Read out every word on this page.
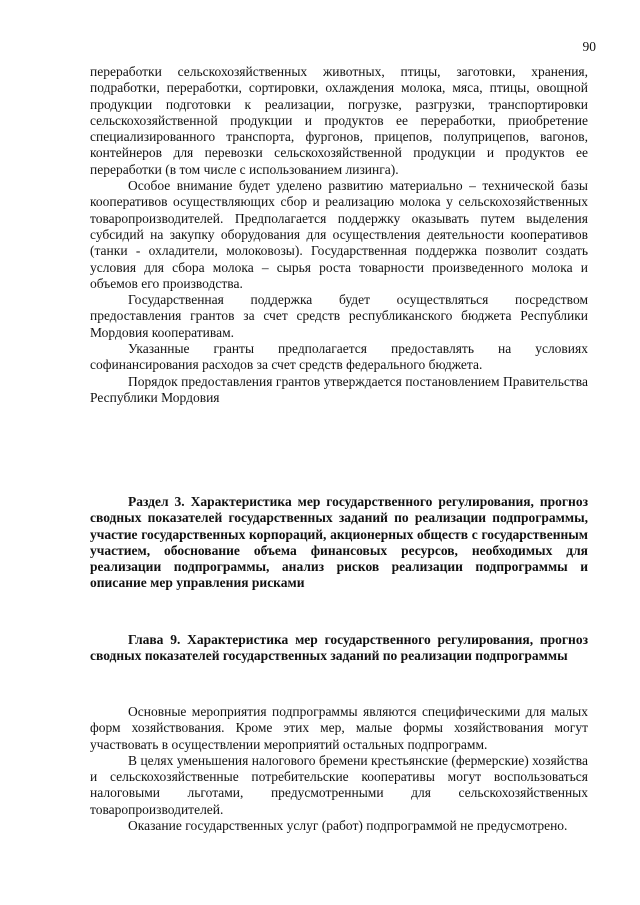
90

переработки сельскохозяйственных животных, птицы, заготовки, хранения, подработки, переработки, сортировки, охлаждения молока, мяса, птицы, овощной продукции подготовки к реализации, погрузке, разгрузки, транспортировки сельскохозяйственной продукции и продуктов ее переработки, приобретение специализированного транспорта, фургонов, прицепов, полуприцепов, вагонов, контейнеров для перевозки сельскохозяйственной продукции и продуктов ее переработки (в том числе с использованием лизинга).

Особое внимание будет уделено развитию материально – технической базы кооперативов осуществляющих сбор и реализацию молока у сельскохозяйственных товаропроизводителей. Предполагается поддержку оказывать путем выделения субсидий на закупку оборудования для осуществления деятельности кооперативов (танки - охладители, молоковозы). Государственная поддержка позволит создать условия для сбора молока – сырья роста товарности произведенного молока и объемов его производства.

Государственная поддержка будет осуществляться посредством предоставления грантов за счет средств республиканского бюджета Республики Мордовия кооперативам.

Указанные гранты предполагается предоставлять на условиях софинансирования расходов за счет средств федерального бюджета.

Порядок предоставления грантов утверждается постановлением Правительства Республики Мордовия

Раздел 3. Характеристика мер государственного регулирования, прогноз сводных показателей государственных заданий по реализации подпрограммы, участие государственных корпораций, акционерных обществ с государственным участием, обоснование объема финансовых ресурсов, необходимых для реализации подпрограммы, анализ рисков реализации подпрограммы и описание мер управления рисками

Глава 9. Характеристика мер государственного регулирования, прогноз сводных показателей государственных заданий по реализации подпрограммы

Основные мероприятия подпрограммы являются специфическими для малых форм хозяйствования. Кроме этих мер, малые формы хозяйствования могут участвовать в осуществлении мероприятий остальных подпрограмм.

В целях уменьшения налогового бремени крестьянские (фермерские) хозяйства и сельскохозяйственные потребительские кооперативы могут воспользоваться налоговыми льготами, предусмотренными для сельскохозяйственных товаропроизводителей.

Оказание государственных услуг (работ) подпрограммой не предусмотрено.
